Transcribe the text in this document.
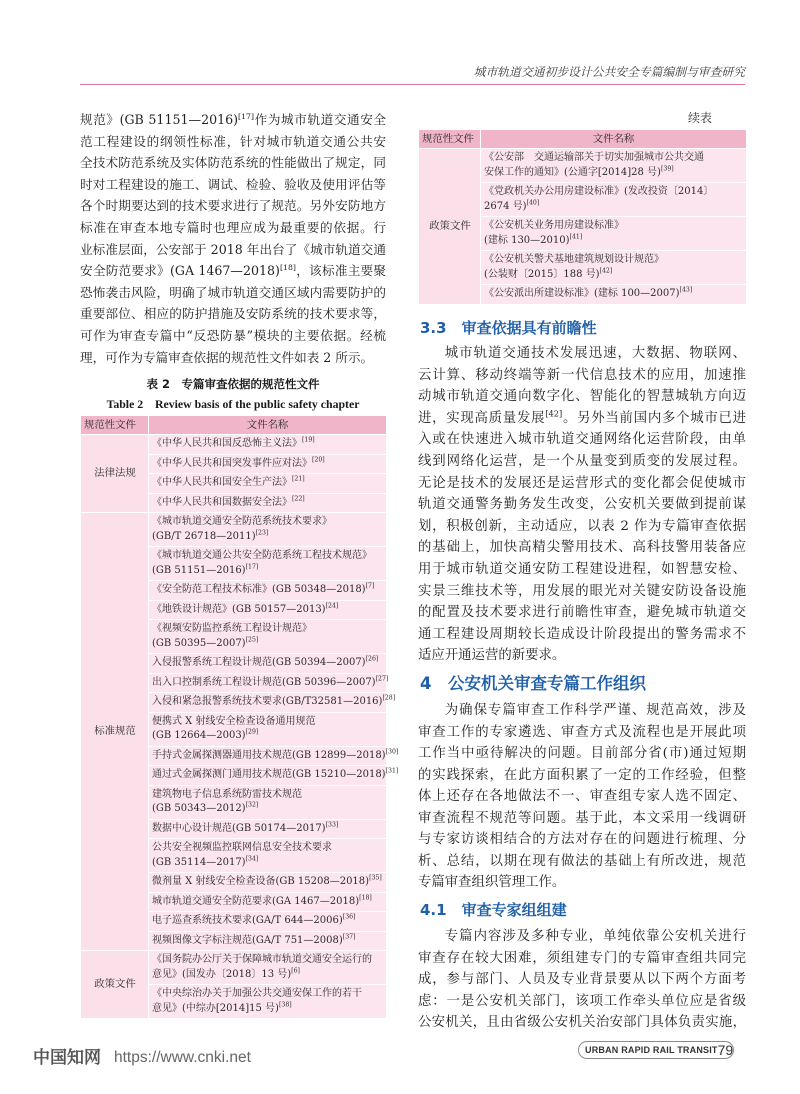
城市轨道交通初步设计公共安全专篇编制与审查研究
规范》(GB 51151—2016)[17]作为城市轨道交通安全
范工程建设的纲领性标准，针对城市轨道交通公共安
全技术防范系统及实体防范系统的性能做出了规定，同
时对工程建设的施工、调试、检验、验收及使用评估等
各个时期要达到的技术要求进行了规范。另外安防地方
标准在审查本地专篇时也理应成为最重要的依据。行
业标准层面，公安部于 2018 年出台了《城市轨道交通
安全防范要求》(GA 1467—2018)[18]，该标准主要聚
恐怖袭击风险，明确了城市轨道交通区域内需要防护的
重要部位、相应的防护措施及安防系统的技术要求等，
可作为审查专篇中“反恐防暴”模块的主要依据。经梳
理，可作为专篇审查依据的规范性文件如表 2 所示。
表 2　专篇审查依据的规范性文件
Table 2　Review basis of the public safety chapter
规范性文件	文件名称
法律法规	《中华人民共和国反恐怖主义法》[19]

	《中华人民共和国突发事件应对法》[20]

	《中华人民共和国安全生产法》[21]

	《中华人民共和国数据安全法》[22]

标准规范	《城市轨道交通安全防范系统技术要求》
(GB/T 26718—2011)[23]

	《城市轨道交通公共安全防范系统工程技术规范》
(GB 51151—2016)[17]

	《安全防范工程技术标准》(GB 50348—2018)[7]

	《地铁设计规范》(GB 50157—2013)[24]

	《视频安防监控系统工程设计规范》
(GB 50395—2007)[25]

	入侵报警系统工程设计规范(GB 50394—2007)[26]

	出入口控制系统工程设计规范(GB 50396—2007)[27]

	入侵和紧急报警系统技术要求(GB/T32581—2016)[28]

	便携式 X 射线安全检查设备通用规范
(GB 12664—2003)[29]

	手持式金属探测器通用技术规范(GB 12899—2018)[30]

	通过式金属探测门通用技术规范(GB 15210—2018)[31]

	建筑物电子信息系统防雷技术规范
(GB 50343—2012)[32]

	数据中心设计规范(GB 50174—2017)[33]

	公共安全视频监控联网信息安全技术要求
(GB 35114—2017)[34]

	微剂量 X 射线安全检查设备(GB 15208—2018)[35]

	城市轨道交通安全防范要求(GA 1467—2018)[18]

	电子巡查系统技术要求(GA/T 644—2006)[36]

	视频图像文字标注规范(GA/T 751—2008)[37]

政策文件	《国务院办公厅关于保障城市轨道交通安全运行的
意见》(国发办〔2018〕13 号)[6]

	《中央综治办关于加强公共交通安保工作的若干
意见》(中综办[2014]15 号)[38]
续表
规范性文件	文件名称
政策文件	《公安部　交通运输部关于切实加强城市公共交通
安保工作的通知》(公通字[2014]28 号)[39]

	《党政机关办公用房建设标准》(发改投资〔2014〕
2674 号)[40]

	《公安机关业务用房建设标准》
(建标 130—2010)[41]

	《公安机关警犬基地建筑规划设计规范》
(公装财〔2015〕188 号)[42]

	《公安派出所建设标准》(建标 100—2007)[43]
3.3　审查依据具有前瞻性
城市轨道交通技术发展迅速，大数据、物联网、
云计算、移动终端等新一代信息技术的应用，加速推
动城市轨道交通向数字化、智能化的智慧城轨方向迈
进，实现高质量发展[42]。另外当前国内多个城市已进
入或在快速进入城市轨道交通网络化运营阶段，由单
线到网络化运营，是一个从量变到质变的发展过程。
无论是技术的发展还是运营形式的变化都会促使城市
轨道交通警务勤务发生改变，公安机关要做到提前谋
划，积极创新，主动适应，以表 2 作为专篇审查依据
的基础上，加快高精尖警用技术、高科技警用装备应
用于城市轨道交通安防工程建设进程，如智慧安检、
实景三维技术等，用发展的眼光对关键安防设备设施
的配置及技术要求进行前瞻性审查，避免城市轨道交
通工程建设周期较长造成设计阶段提出的警务需求不
适应开通运营的新要求。
4　公安机关审查专篇工作组织
为确保专篇审查工作科学严谨、规范高效，涉及
审查工作的专家遴选、审查方式及流程也是开展此项
工作当中亟待解决的问题。目前部分省(市)通过短期
的实践探索，在此方面积累了一定的工作经验，但整
体上还存在各地做法不一、审查组专家人选不固定、
审查流程不规范等问题。基于此，本文采用一线调研
与专家访谈相结合的方法对存在的问题进行梳理、分
析、总结，以期在现有做法的基础上有所改进，规范
专篇审查组织管理工作。
4.1　审查专家组组建
专篇内容涉及多种专业，单纯依靠公安机关进行
审查存在较大困难，须组建专门的专篇审查组共同完
成，参与部门、人员及专业背景要从以下两个方面考
虑：一是公安机关部门，该项工作牵头单位应是省级
公安机关，且由省级公安机关治安部门具体负责实施，
中国知网 https://www.cnki.net	URBAN RAPID RAIL TRANSIT 79
